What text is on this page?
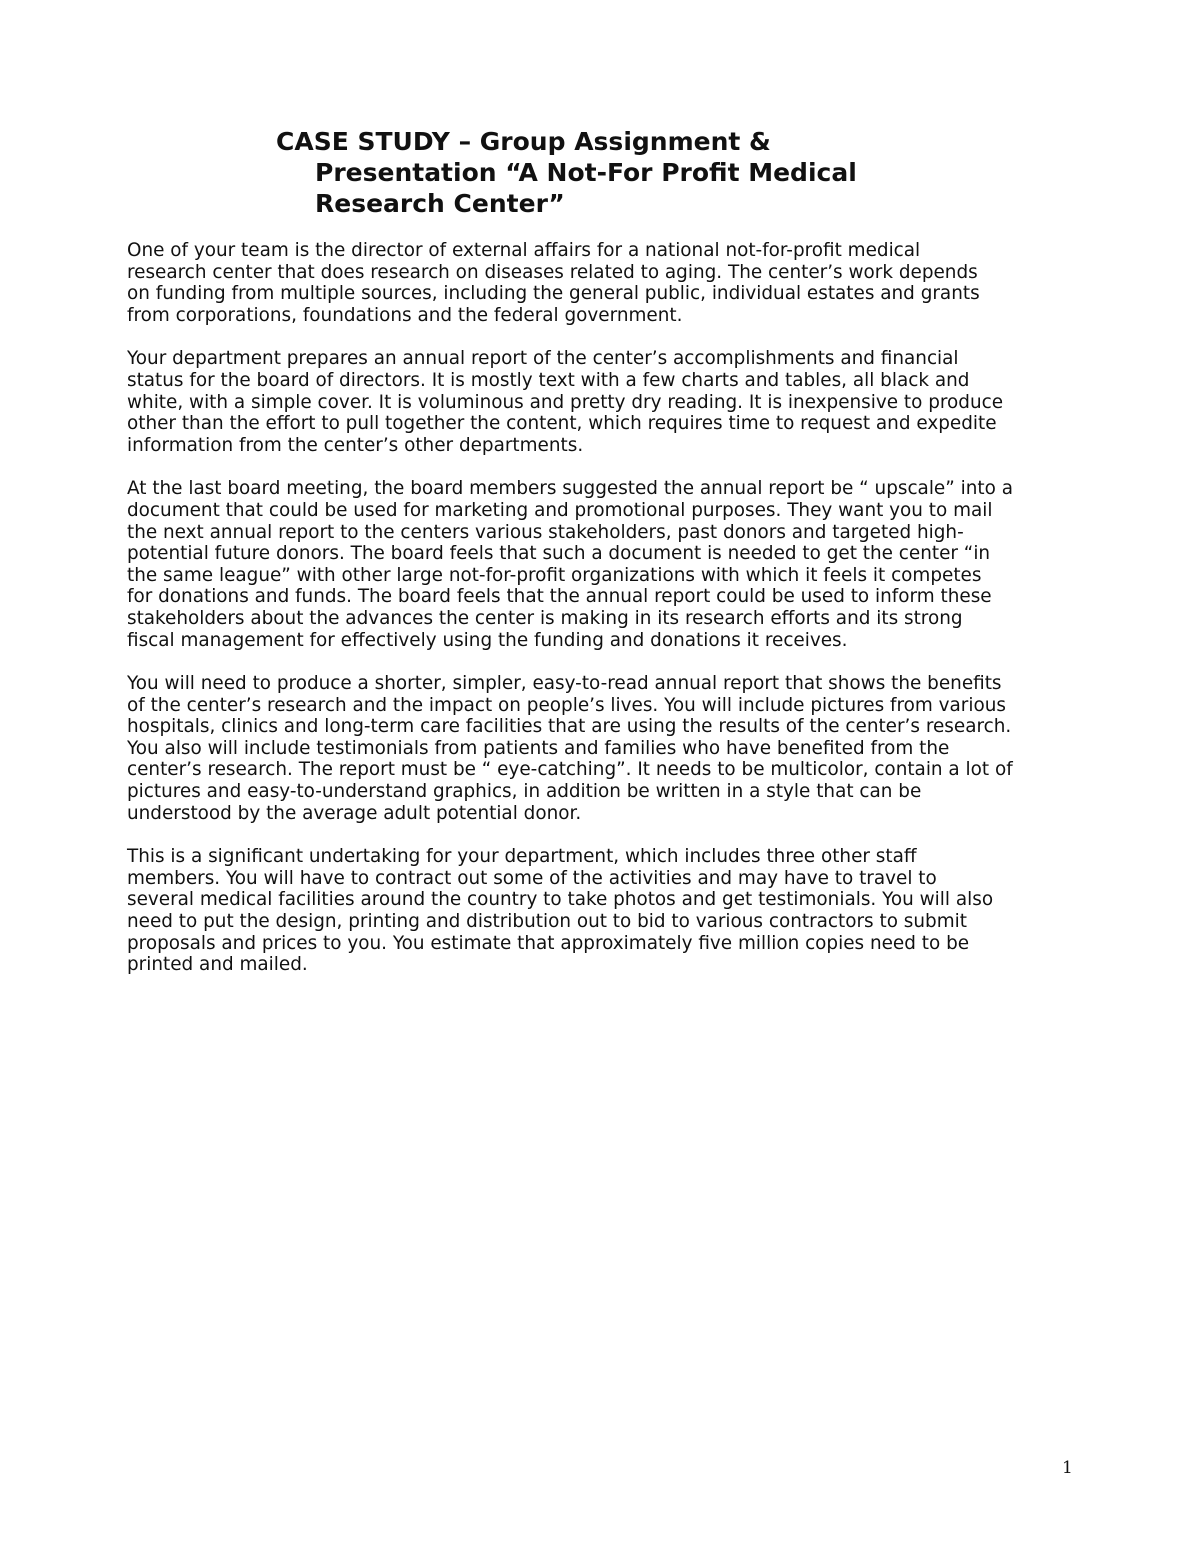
CASE STUDY – Group Assignment &
Presentation “A Not-For Profit Medical
Research Center”

One of your team is the director of external affairs for a national not-for-profit medical
research center that does research on diseases related to aging. The center’s work depends
on funding from multiple sources, including the general public, individual estates and grants
from corporations, foundations and the federal government.

Your department prepares an annual report of the center’s accomplishments and financial
status for the board of directors. It is mostly text with a few charts and tables, all black and
white, with a simple cover. It is voluminous and pretty dry reading. It is inexpensive to produce
other than the effort to pull together the content, which requires time to request and expedite
information from the center’s other departments.

At the last board meeting, the board members suggested the annual report be “ upscale” into a
document that could be used for marketing and promotional purposes. They want you to mail
the next annual report to the centers various stakeholders, past donors and targeted high-
potential future donors. The board feels that such a document is needed to get the center “in
the same league” with other large not-for-profit organizations with which it feels it competes
for donations and funds. The board feels that the annual report could be used to inform these
stakeholders about the advances the center is making in its research efforts and its strong
fiscal management for effectively using the funding and donations it receives.

You will need to produce a shorter, simpler, easy-to-read annual report that shows the benefits
of the center’s research and the impact on people’s lives. You will include pictures from various
hospitals, clinics and long-term care facilities that are using the results of the center’s research.
You also will include testimonials from patients and families who have benefited from the
center’s research. The report must be “ eye-catching”. It needs to be multicolor, contain a lot of
pictures and easy-to-understand graphics, in addition be written in a style that can be
understood by the average adult potential donor.

This is a significant undertaking for your department, which includes three other staff
members. You will have to contract out some of the activities and may have to travel to
several medical facilities around the country to take photos and get testimonials. You will also
need to put the design, printing and distribution out to bid to various contractors to submit
proposals and prices to you. You estimate that approximately five million copies need to be
printed and mailed.

1
